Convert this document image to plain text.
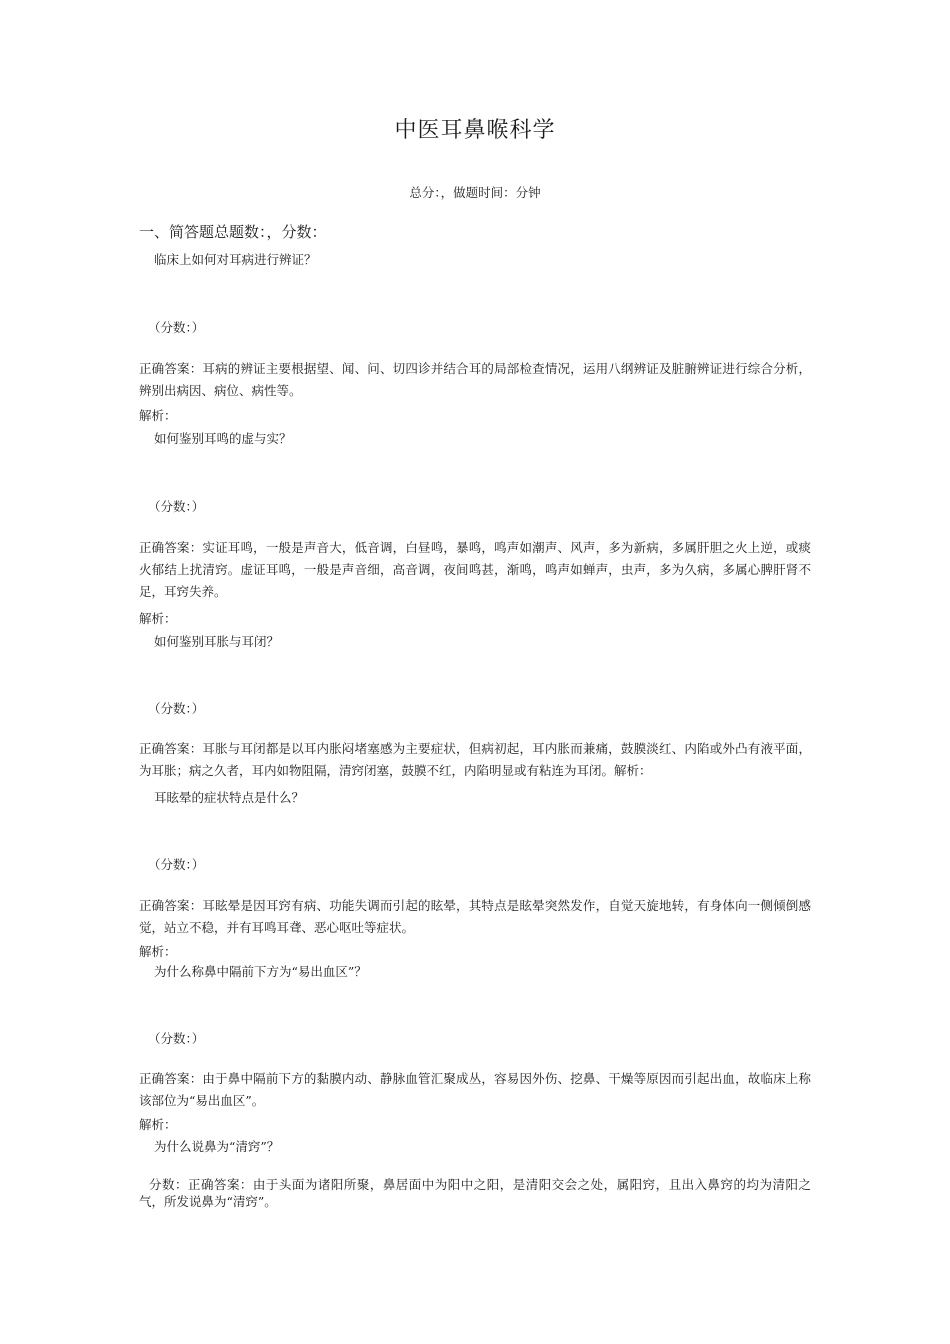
中医耳鼻喉科学
总分：，做题时间：分钟
一、简答题总题数：，分数：
临床上如何对耳病进行辨证？
（分数：）
正确答案：耳病的辨证主要根据望、闻、问、切四诊并结合耳的局部检查情况，运用八纲辨证及脏腑辨证进行综合分析，辨别出病因、病位、病性等。
解析：
如何鉴别耳鸣的虚与实？
（分数：）
正确答案：实证耳鸣，一般是声音大，低音调，白昼鸣，暴鸣，鸣声如潮声、风声，多为新病，多属肝胆之火上逆，或痰火郁结上扰清窍。虚证耳鸣，一般是声音细，高音调，夜间鸣甚，渐鸣，鸣声如蝉声，虫声，多为久病，多属心脾肝肾不足，耳窍失养。
解析：
如何鉴别耳胀与耳闭？
（分数：）
正确答案：耳胀与耳闭都是以耳内胀闷堵塞感为主要症状，但病初起，耳内胀而兼痛，鼓膜淡红、内陷或外凸有液平面，为耳胀；病之久者，耳内如物阻隔，清窍闭塞，鼓膜不红，内陷明显或有粘连为耳闭。解析：
耳眩晕的症状特点是什么？
（分数：）
正确答案：耳眩晕是因耳窍有病、功能失调而引起的眩晕，其特点是眩晕突然发作，自觉天旋地转，有身体向一侧倾倒感觉，站立不稳，并有耳鸣耳聋、恶心呕吐等症状。
解析：
为什么称鼻中隔前下方为“易出血区”？
（分数：）
正确答案：由于鼻中隔前下方的黏膜内动、静脉血管汇聚成丛，容易因外伤、挖鼻、干燥等原因而引起出血，故临床上称该部位为“易出血区”。
解析：
为什么说鼻为“清窍”？
分数：正确答案：由于头面为诸阳所聚，鼻居面中为阳中之阳，是清阳交会之处，属阳窍，且出入鼻窍的均为清阳之气，所发说鼻为“清窍”。
